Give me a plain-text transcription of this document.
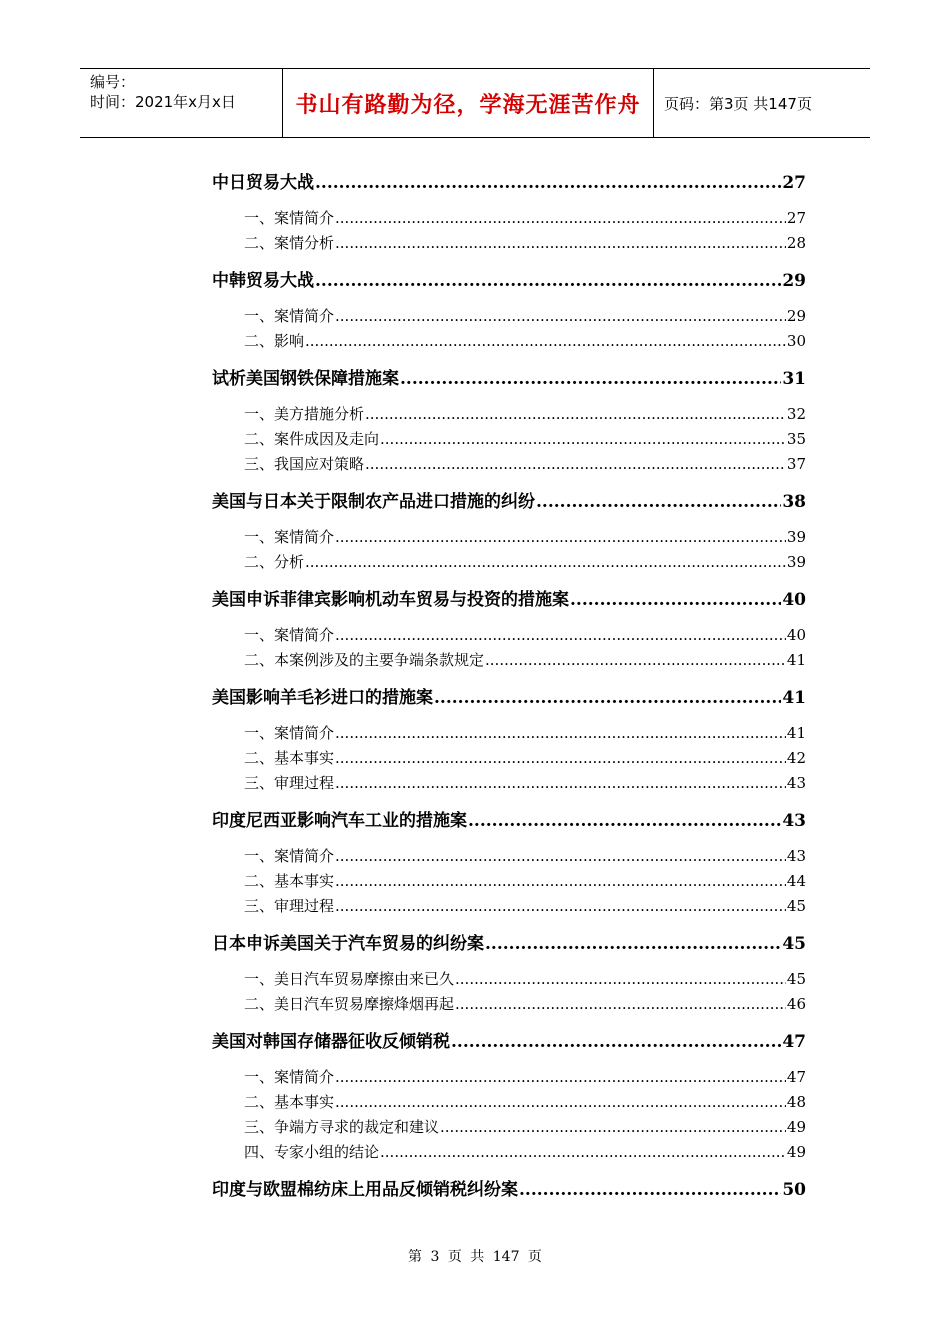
编号：
时间：2021年x月x日	书山有路勤为径，学海无涯苦作舟 页码：第3页 共147页
中日贸易大战 .....	27
一、案情简介 .....	27
二、案情分析 .....	28
中韩贸易大战 .....	29
一、案情简介 .....	29
二、影响 .....	30
试析美国钢铁保障措施案 .....	31
一、美方措施分析 .....	32
二、案件成因及走向 .....	35
三、我国应对策略 .....	37
美国与日本关于限制农产品进口措施的纠纷 .....	38
一、案情简介 .....	39
二、分析 .....	39
美国申诉菲律宾影响机动车贸易与投资的措施案 .....	40
一、案情简介 .....	40
二、本案例涉及的主要争端条款规定 .....	41
美国影响羊毛衫进口的措施案 .....	41
一、案情简介 .....	41
二、基本事实 .....	42
三、审理过程 .....	43
印度尼西亚影响汽车工业的措施案 .....	43
一、案情简介 .....	43
二、基本事实 .....	44
三、审理过程 .....	45
日本申诉美国关于汽车贸易的纠纷案 .....	45
一、美日汽车贸易摩擦由来已久 .....	45
二、美日汽车贸易摩擦烽烟再起 .....	46
美国对韩国存储器征收反倾销税 .....	47
一、案情简介 .....	47
二、基本事实 .....	48
三、争端方寻求的裁定和建议 .....	49
四、专家小组的结论 .....	49
印度与欧盟棉纺床上用品反倾销税纠纷案 .....	50
第 3 页 共 147 页
